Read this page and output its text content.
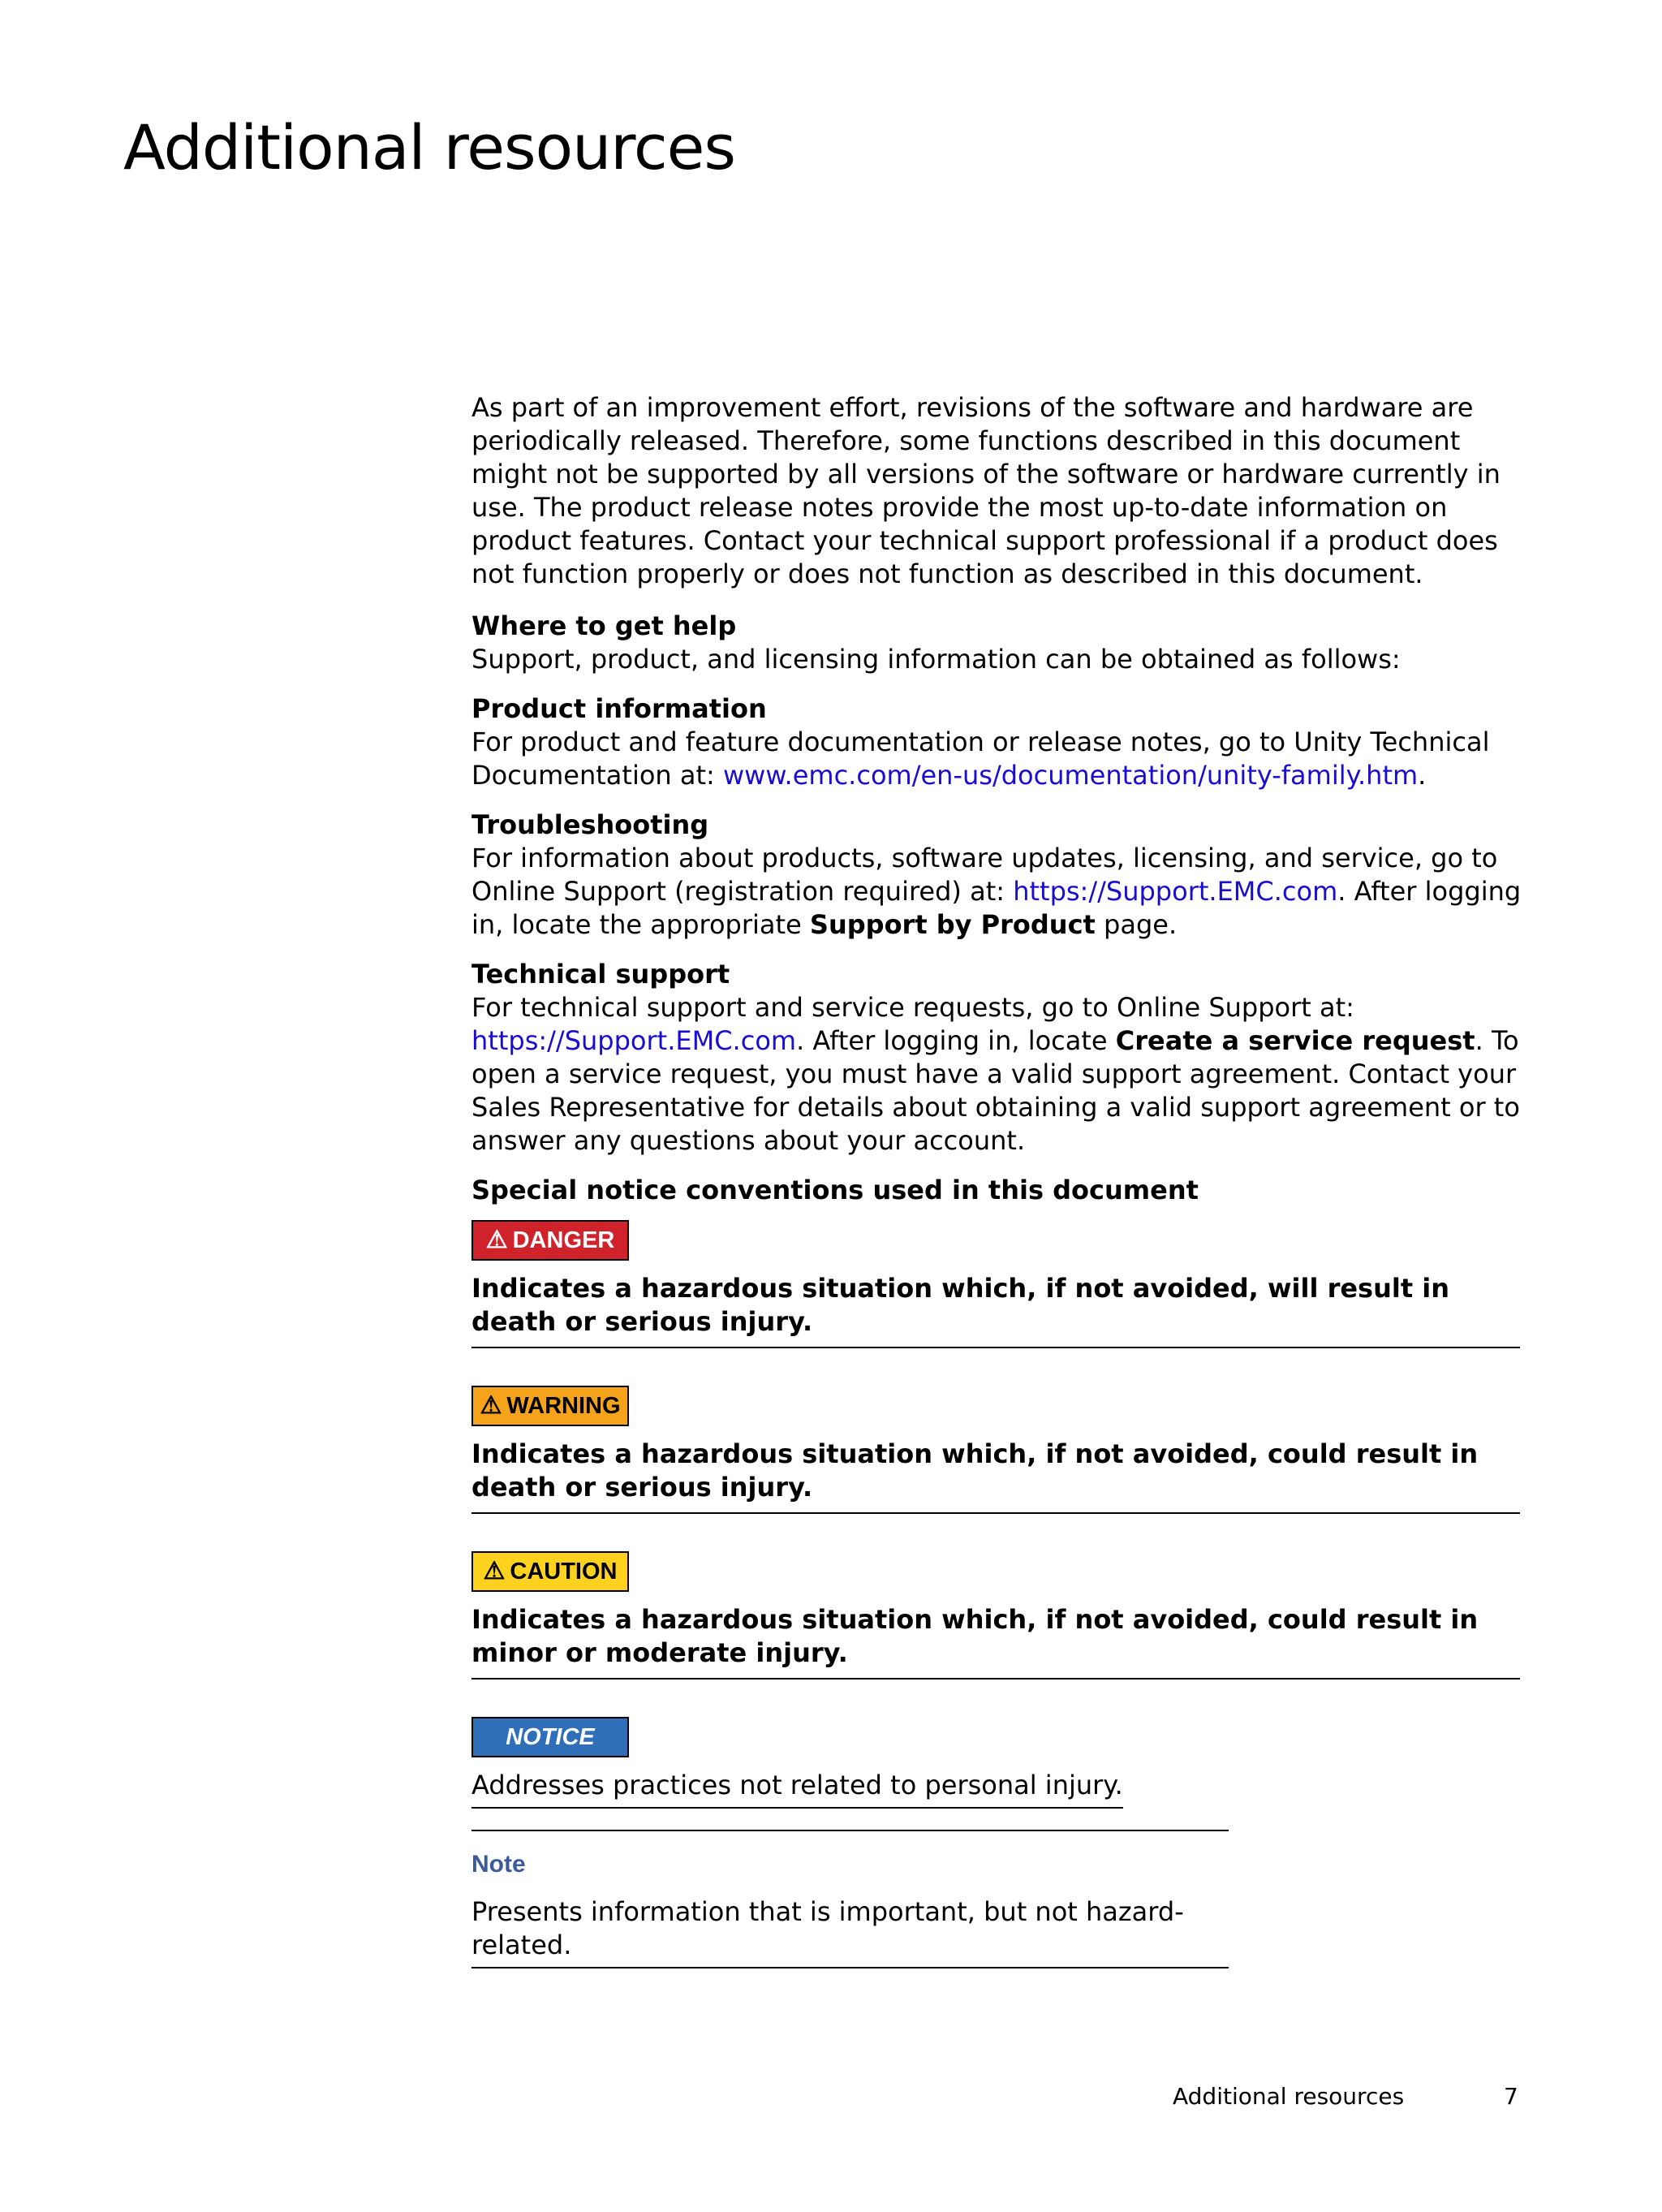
Additional resources

As part of an improvement effort, revisions of the software and hardware are periodically released. Therefore, some functions described in this document might not be supported by all versions of the software or hardware currently in use. The product release notes provide the most up-to-date information on product features. Contact your technical support professional if a product does not function properly or does not function as described in this document.

Where to get help

Support, product, and licensing information can be obtained as follows:

Product information

For product and feature documentation or release notes, go to Unity Technical Documentation at: www.emc.com/en-us/documentation/unity-family.htm.

Troubleshooting

For information about products, software updates, licensing, and service, go to Online Support (registration required) at: https://Support.EMC.com. After logging in, locate the appropriate Support by Product page.

Technical support

For technical support and service requests, go to Online Support at: https://Support.EMC.com. After logging in, locate Create a service request. To open a service request, you must have a valid support agreement. Contact your Sales Representative for details about obtaining a valid support agreement or to answer any questions about your account.

Special notice conventions used in this document

⚠ DANGER

Indicates a hazardous situation which, if not avoided, will result in death or serious injury.

⚠ WARNING

Indicates a hazardous situation which, if not avoided, could result in death or serious injury.

⚠ CAUTION

Indicates a hazardous situation which, if not avoided, could result in minor or moderate injury.

NOTICE
Addresses practices not related to personal injury.

Note

Presents information that is important, but not hazard-related.
Additional resources	7
